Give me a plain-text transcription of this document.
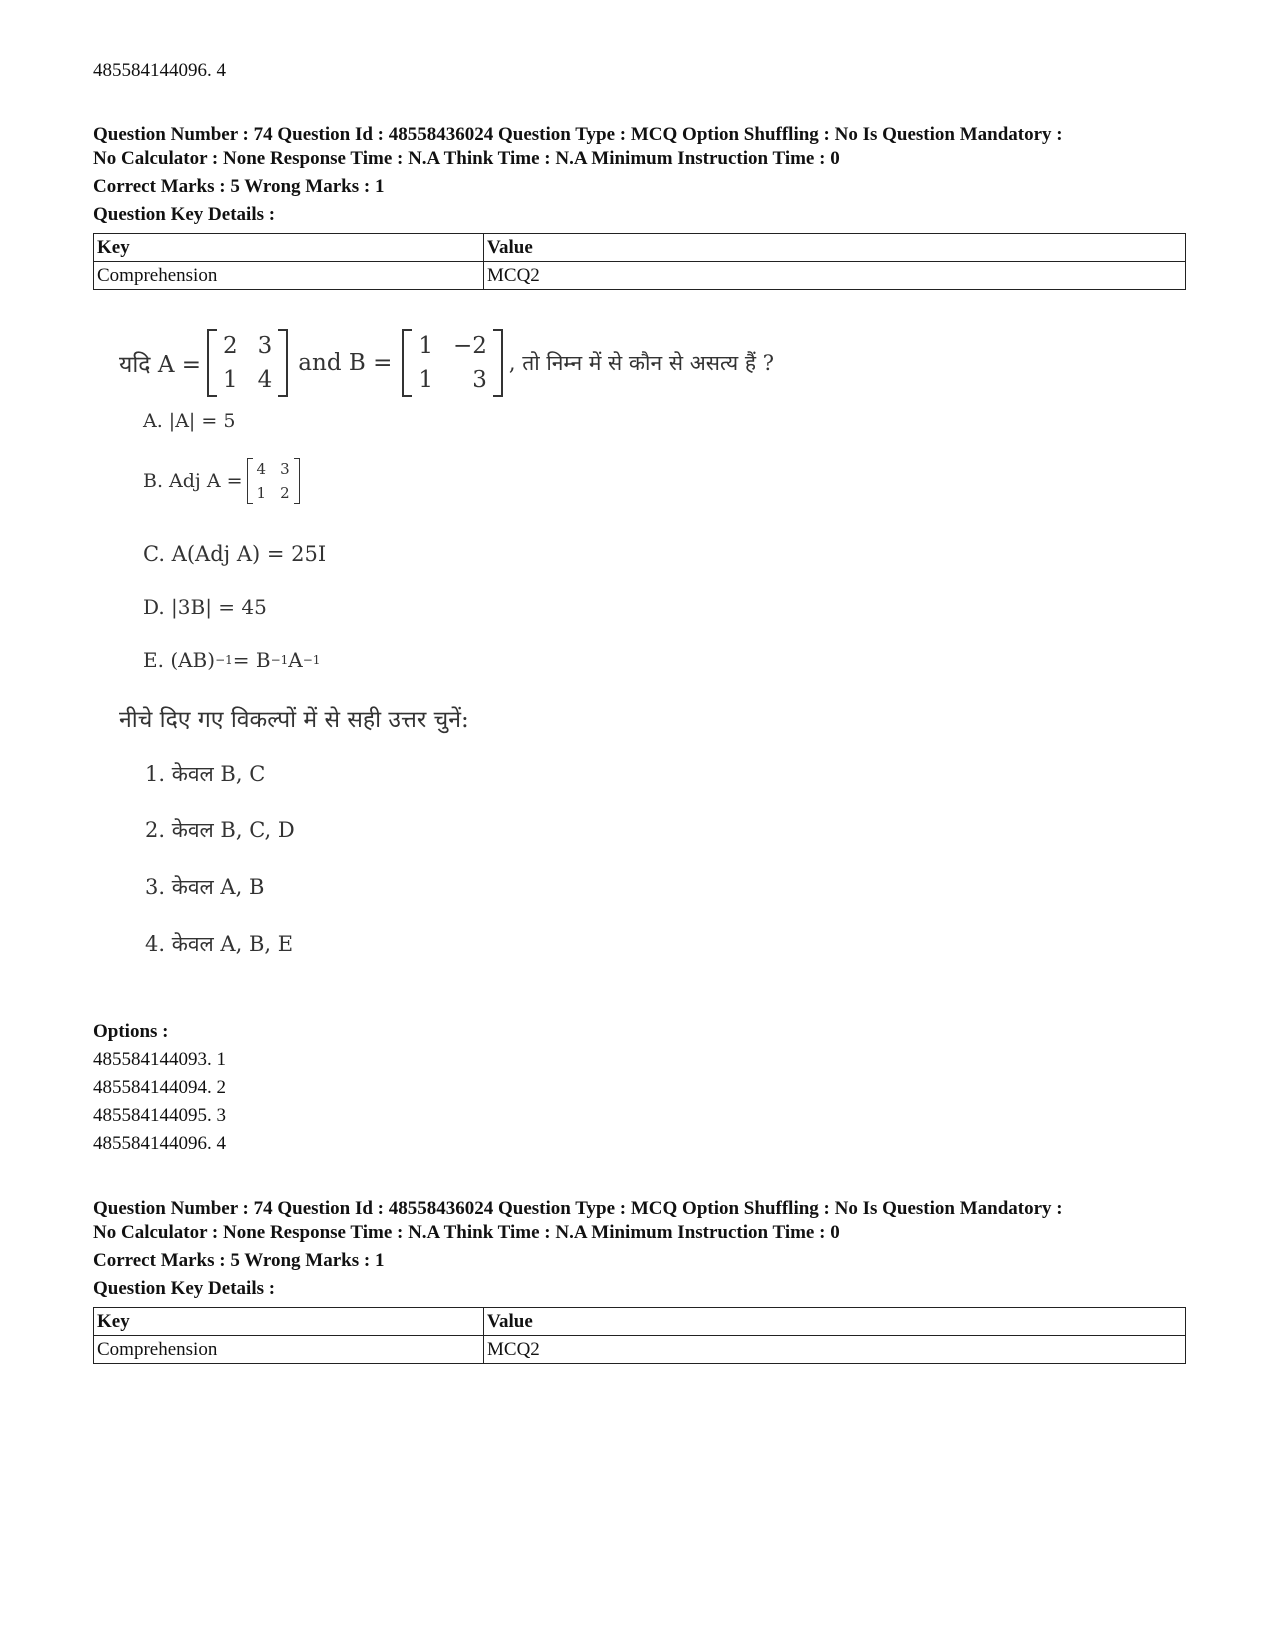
485584144096. 4
Question Number : 74 Question Id : 48558436024 Question Type : MCQ Option Shuffling : No Is Question Mandatory :
No Calculator : None Response Time : N.A Think Time : N.A Minimum Instruction Time : 0
Correct Marks : 5 Wrong Marks : 1
Question Key Details :
Key	Value
Comprehension	MCQ2
यदि A =
2 3
1 4
and B =
1 −2
1	3
, तो निम्न में से कौन से असत्य हैं ?
A. |A| = 5
B. Adj A =
4 3
1 2
C. A(Adj A) = 25I
D. |3B| = 45
E. (AB) −1 = B −1 A −1
नीचे दिए गए विकल्पों में से सही उत्तर चुनें:
1. केवल B, C
2. केवल B, C, D
3. केवल A, B
4. केवल A, B, E
Options :
485584144093. 1
485584144094. 2
485584144095. 3
485584144096. 4
Question Number : 74 Question Id : 48558436024 Question Type : MCQ Option Shuffling : No Is Question Mandatory :
No Calculator : None Response Time : N.A Think Time : N.A Minimum Instruction Time : 0
Correct Marks : 5 Wrong Marks : 1
Question Key Details :
Key	Value
Comprehension	MCQ2
